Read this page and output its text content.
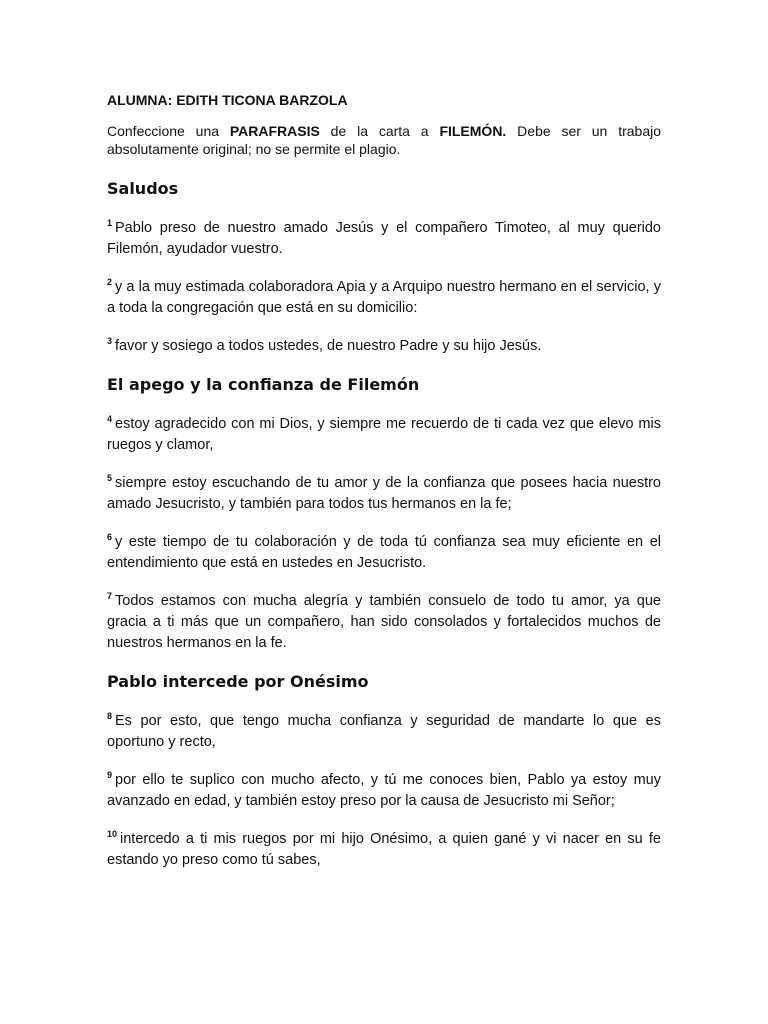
ALUMNA: EDITH TICONA BARZOLA

Confeccione una PARAFRASIS de la carta a FILEMÓN. Debe ser un trabajo absolutamente original; no se permite el plagio.

Saludos

$^1$ Pablo preso de nuestro amado Jesús y el compañero Timoteo, al muy querido Filemón, ayudador vuestro.

$^2$ y a la muy estimada colaboradora Apia y a Arquipo nuestro hermano en el servicio, y a toda la congregación que está en su domicilio:

$^3$ favor y sosiego a todos ustedes, de nuestro Padre y su hijo Jesús.

El apego y la confianza de Filemón

$^4$ estoy agradecido con mi Dios, y siempre me recuerdo de ti cada vez que elevo mis ruegos y clamor,

$^5$ siempre estoy escuchando de tu amor y de la confianza que posees hacia nuestro amado Jesucristo, y también para todos tus hermanos en la fe;

$^6$ y este tiempo de tu colaboración y de toda tú confianza sea muy eficiente en el entendimiento que está en ustedes en Jesucristo.

$^7$ Todos estamos con mucha alegría y también consuelo de todo tu amor, ya que gracia a ti más que un compañero, han sido consolados y fortalecidos muchos de nuestros hermanos en la fe.

Pablo intercede por Onésimo

$^8$ Es por esto, que tengo mucha confianza y seguridad de mandarte lo que es oportuno y recto,

$^9$ por ello te suplico con mucho afecto, y tú me conoces bien, Pablo ya estoy muy avanzado en edad, y también estoy preso por la causa de Jesucristo mi Señor;

$^{10}$ intercedo a ti mis ruegos por mi hijo Onésimo, a quien gané y vi nacer en su fe estando yo preso como tú sabes,
